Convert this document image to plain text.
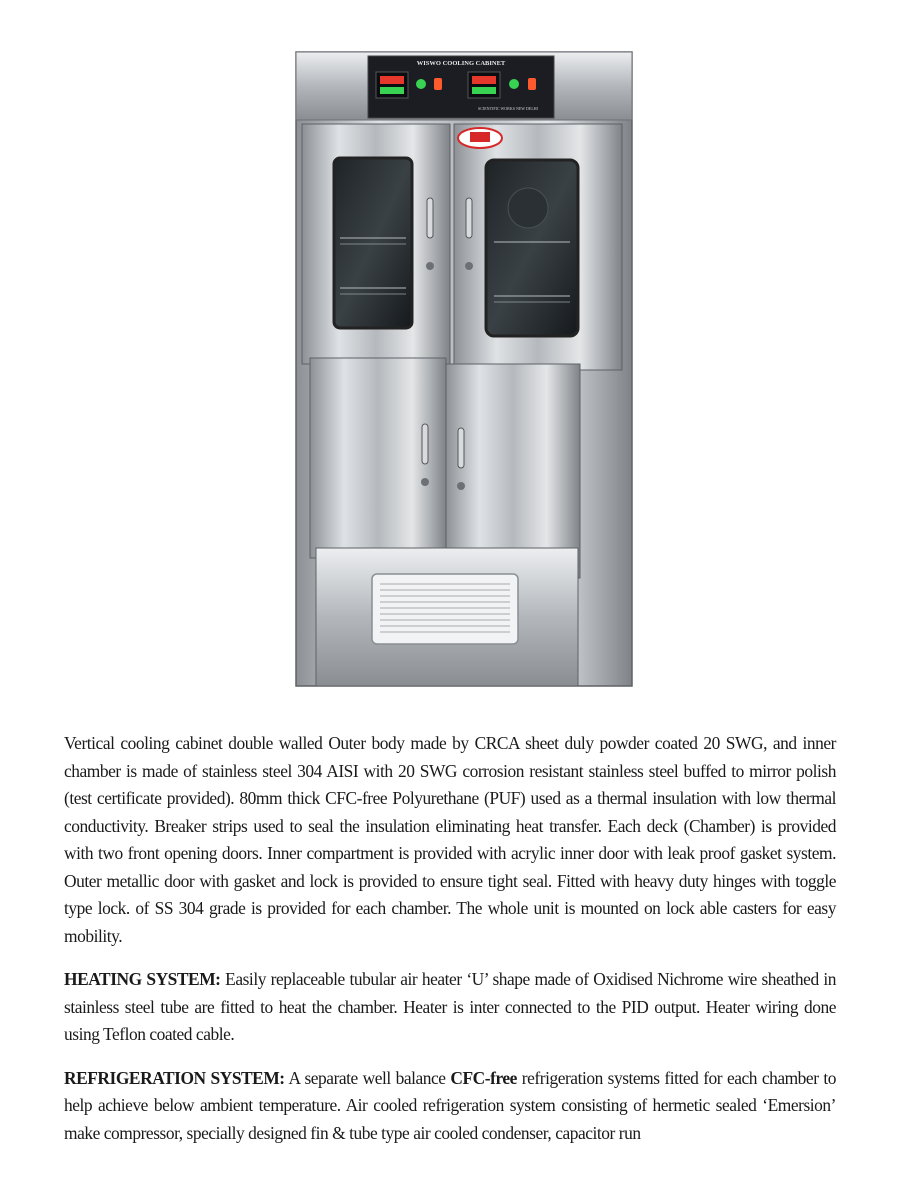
WISWO COOLING CABINET
SCIENTIFIC WORKS NEW DELHI

Vertical cooling cabinet double walled Outer body made by CRCA sheet duly powder coated 20 SWG, and inner chamber is made of stainless steel 304 AISI with 20 SWG corrosion resistant stainless steel buffed to mirror polish (test certificate provided). 80mm thick CFC-free Polyurethane (PUF) used as a thermal insulation with low thermal conductivity. Breaker strips used to seal the insulation eliminating heat transfer. Each deck (Chamber) is provided with two front opening doors. Inner compartment is provided with acrylic inner door with leak proof gasket system. Outer metallic door with gasket and lock is provided to ensure tight seal. Fitted with heavy duty hinges with toggle type lock. of SS 304 grade is provided for each chamber. The whole unit is mounted on lock able casters for easy mobility.

HEATING SYSTEM: Easily replaceable tubular air heater ‘U’ shape made of Oxidised Nichrome wire sheathed in stainless steel tube are fitted to heat the chamber. Heater is inter connected to the PID output. Heater wiring done using Teflon coated cable.

REFRIGERATION SYSTEM: A separate well balance CFC-free refrigeration systems fitted for each chamber to help achieve below ambient temperature. Air cooled refrigeration system consisting of hermetic sealed ‘Emersion’ make compressor, specially designed fin & tube type air cooled condenser, capacitor run
